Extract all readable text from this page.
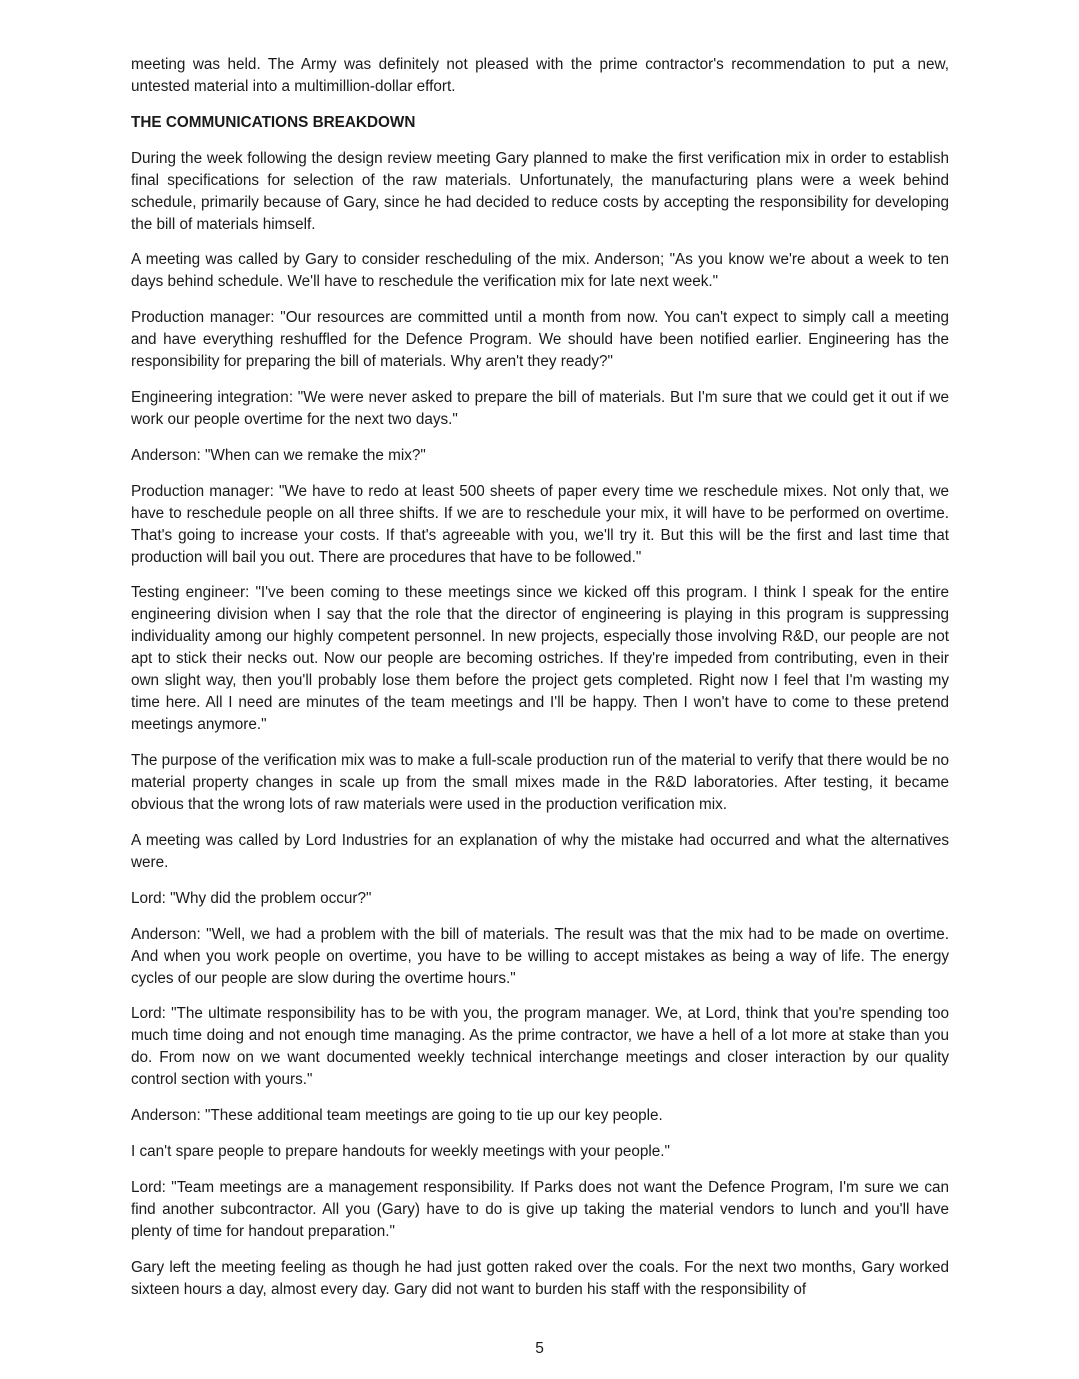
meeting was held. The Army was definitely not pleased with the prime contractor's recommendation to put a new, untested material into a multimillion-dollar effort.

THE COMMUNICATIONS BREAKDOWN

During the week following the design review meeting Gary planned to make the first verification mix in order to establish final specifications for selection of the raw materials. Unfortunately, the manufacturing plans were a week behind schedule, primarily because of Gary, since he had decided to reduce costs by accepting the responsibility for developing the bill of materials himself.

A meeting was called by Gary to consider rescheduling of the mix. Anderson; "As you know we're about a week to ten days behind schedule. We'll have to reschedule the verification mix for late next week."

Production manager: "Our resources are committed until a month from now. You can't expect to simply call a meeting and have everything reshuffled for the Defence Program. We should have been notified earlier. Engineering has the responsibility for preparing the bill of materials. Why aren't they ready?"

Engineering integration: "We were never asked to prepare the bill of materials. But I'm sure that we could get it out if we work our people overtime for the next two days."

Anderson: "When can we remake the mix?"

Production manager: "We have to redo at least 500 sheets of paper every time we reschedule mixes. Not only that, we have to reschedule people on all three shifts. If we are to reschedule your mix, it will have to be performed on overtime. That's going to increase your costs. If that's agreeable with you, we'll try it. But this will be the first and last time that production will bail you out. There are procedures that have to be followed."

Testing engineer: "I've been coming to these meetings since we kicked off this program. I think I speak for the entire engineering division when I say that the role that the director of engineering is playing in this program is suppressing individuality among our highly competent personnel. In new projects, especially those involving R&D, our people are not apt to stick their necks out. Now our people are becoming ostriches. If they're impeded from contributing, even in their own slight way, then you'll probably lose them before the project gets completed. Right now I feel that I'm wasting my time here. All I need are minutes of the team meetings and I'll be happy. Then I won't have to come to these pretend meetings anymore."

The purpose of the verification mix was to make a full-scale production run of the material to verify that there would be no material property changes in scale up from the small mixes made in the R&D laboratories. After testing, it became obvious that the wrong lots of raw materials were used in the production verification mix.

A meeting was called by Lord Industries for an explanation of why the mistake had occurred and what the alternatives were.

Lord: "Why did the problem occur?"

Anderson: "Well, we had a problem with the bill of materials. The result was that the mix had to be made on overtime. And when you work people on overtime, you have to be willing to accept mistakes as being a way of life. The energy cycles of our people are slow during the overtime hours."

Lord: "The ultimate responsibility has to be with you, the program manager. We, at Lord, think that you're spending too much time doing and not enough time managing. As the prime contractor, we have a hell of a lot more at stake than you do. From now on we want documented weekly technical interchange meetings and closer interaction by our quality control section with yours."

Anderson: "These additional team meetings are going to tie up our key people.

I can't spare people to prepare handouts for weekly meetings with your people."

Lord: "Team meetings are a management responsibility. If Parks does not want the Defence Program, I'm sure we can find another subcontractor. All you (Gary) have to do is give up taking the material vendors to lunch and you'll have plenty of time for handout preparation."

Gary left the meeting feeling as though he had just gotten raked over the coals. For the next two months, Gary worked sixteen hours a day, almost every day. Gary did not want to burden his staff with the responsibility of

5
